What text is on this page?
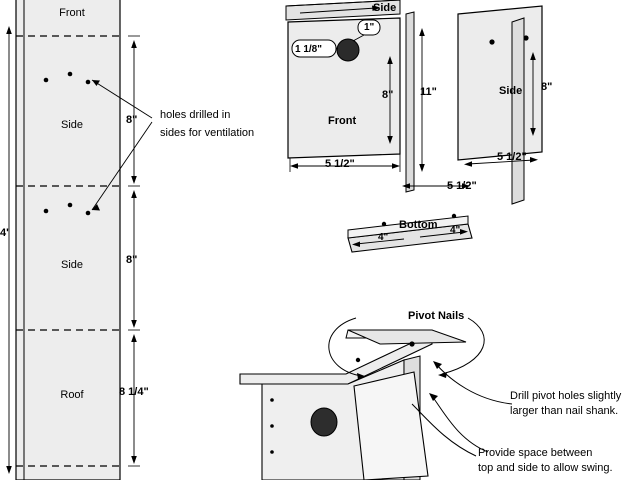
Front
Side
Side
Roof
4'
8"
8"
8 1/4"
holes drilled in
sides for ventilation
Side
Front
Side
Bottom
1 1/8"
1"
8" 11"	8"
5 1/2"
5 1/2"
5 1/2"
4"
4"
Pivot Nails
Drill pivot holes slightly
larger than nail shank.
Provide space between
top and side to allow swing.
